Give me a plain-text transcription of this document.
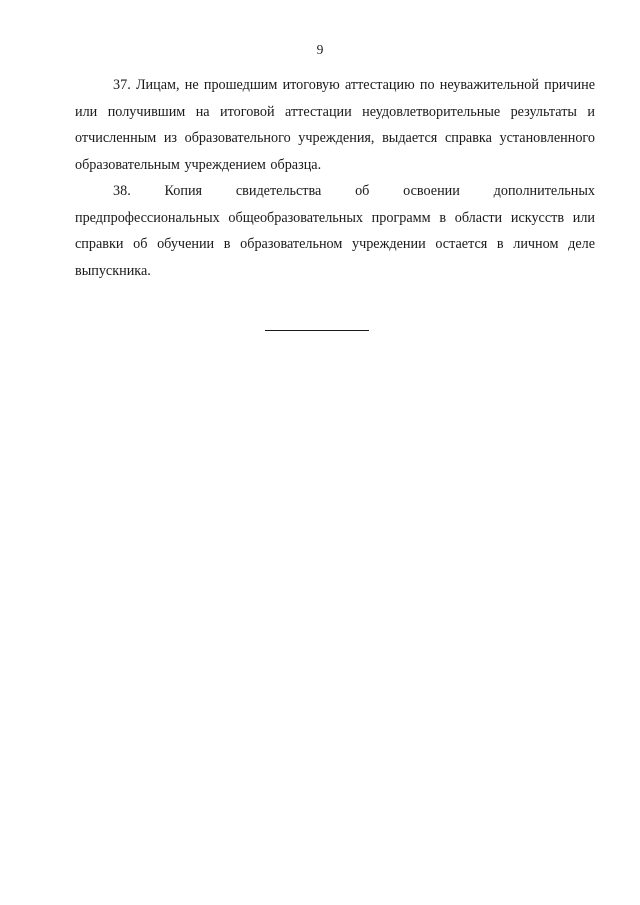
9

37. Лицам, не прошедшим итоговую аттестацию по неуважительной причине или получившим на итоговой аттестации неудовлетворительные результаты и отчисленным из образовательного учреждения, выдается справка установленного образовательным учреждением образца.

38. Копия свидетельства об освоении дополнительных предпрофессиональных общеобразовательных программ в области искусств или справки об обучении в образовательном учреждении остается в личном деле выпускника.
